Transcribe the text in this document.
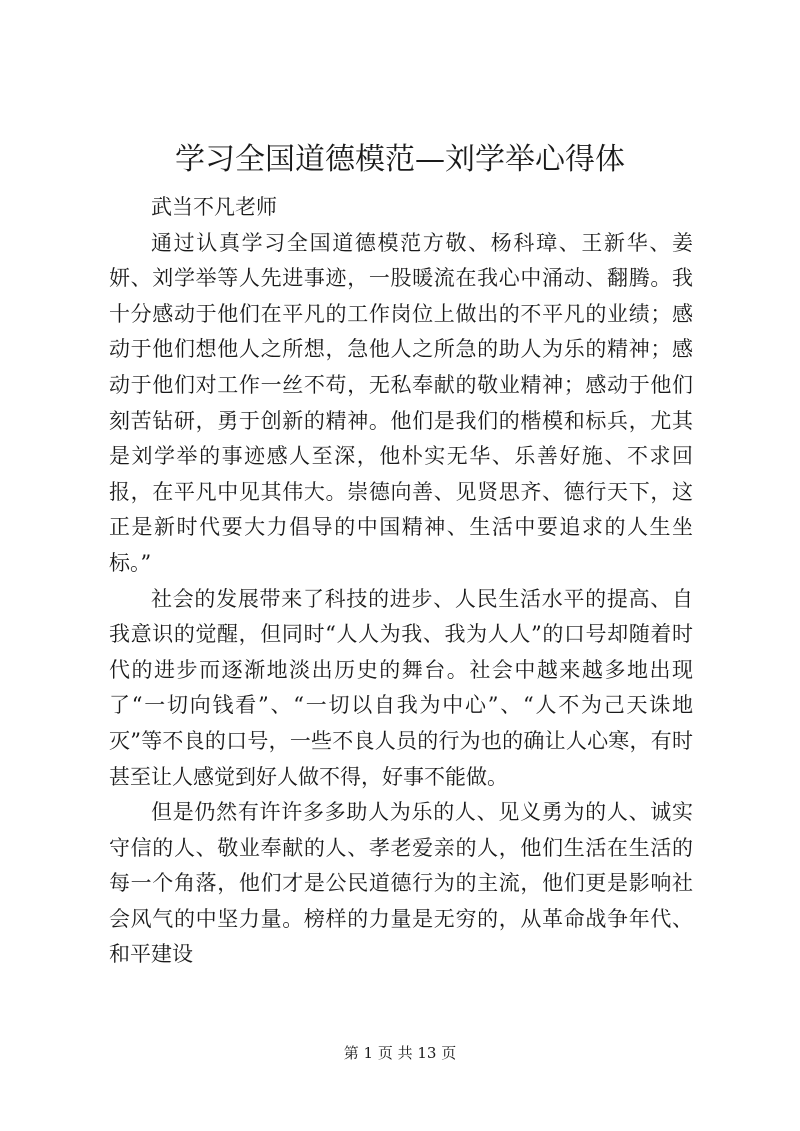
学习全国道德模范—刘学举心得体

武当不凡老师

通过认真学习全国道德模范方敬、杨科璋、王新华、姜妍、刘学举等人先进事迹，一股暖流在我心中涌动、翻腾。我十分感动于他们在平凡的工作岗位上做出的不平凡的业绩；感动于他们想他人之所想，急他人之所急的助人为乐的精神；感动于他们对工作一丝不苟，无私奉献的敬业精神；感动于他们刻苦钻研，勇于创新的精神。他们是我们的楷模和标兵，尤其是刘学举的事迹感人至深，他朴实无华、乐善好施、不求回报，在平凡中见其伟大。崇德向善、见贤思齐、德行天下，这正是新时代要大力倡导的中国精神、生活中要追求的人生坐标。”

社会的发展带来了科技的进步、人民生活水平的提高、自我意识的觉醒，但同时“人人为我、我为人人”的口号却随着时代的进步而逐渐地淡出历史的舞台。社会中越来越多地出现了“一切向钱看”、“一切以自我为中心”、“人不为己天诛地灭”等不良的口号，一些不良人员的行为也的确让人心寒，有时甚至让人感觉到好人做不得，好事不能做。

但是仍然有许许多多助人为乐的人、见义勇为的人、诚实守信的人、敬业奉献的人、孝老爱亲的人，他们生活在生活的每一个角落，他们才是公民道德行为的主流，他们更是影响社会风气的中坚力量。榜样的力量是无穷的，从革命战争年代、和平建设

第 1 页 共 13 页
